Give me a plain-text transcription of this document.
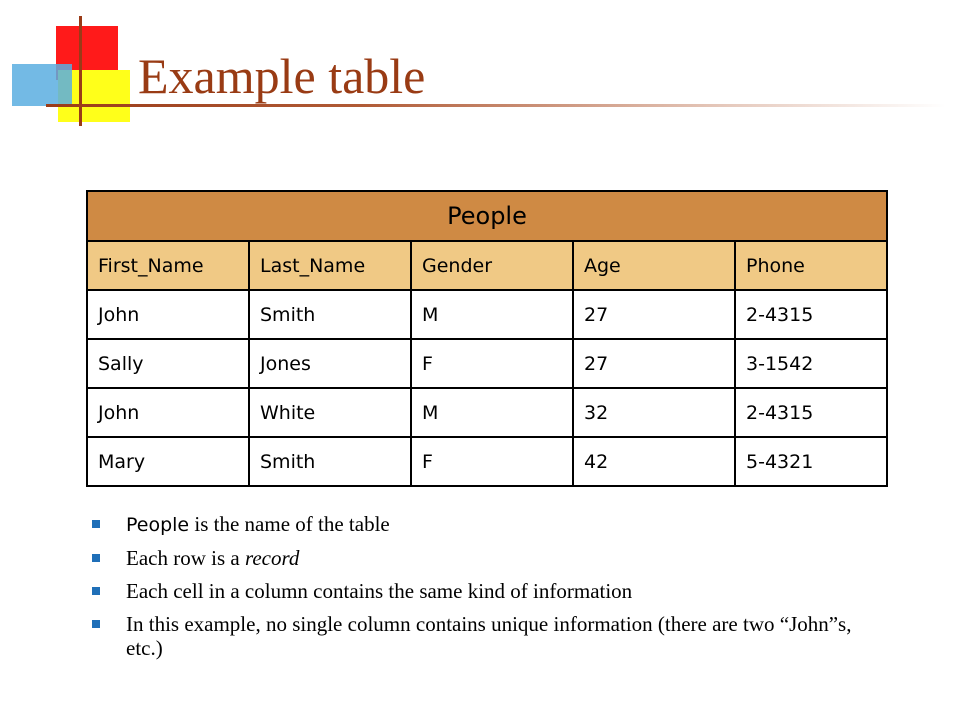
Example table
People				
First_Name	Last_Name	Gender	Age	Phone
John	Smith	M	27	2-4315
Sally	Jones	F	27	3-1542
John	White	M	32	2-4315
Mary	Smith	F	42	5-4321
People is the name of the table
Each row is a record
Each cell in a column contains the same kind of information
In this example, no single column contains unique information (there are two “John”s, etc.)
